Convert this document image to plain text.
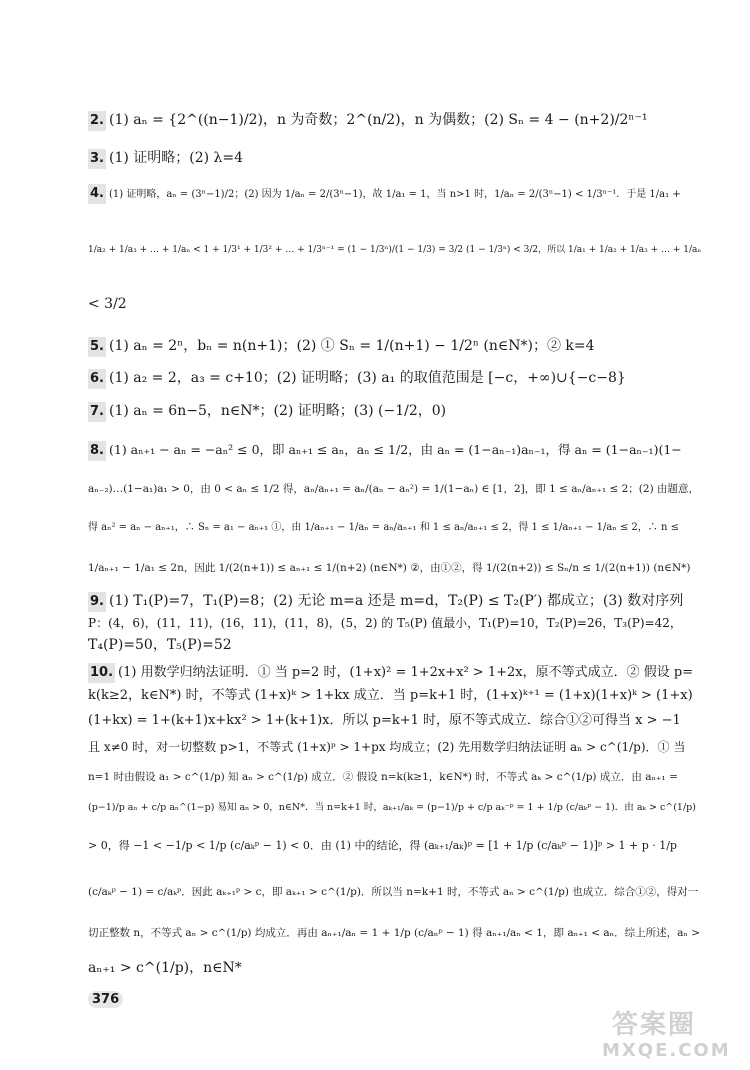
2. (1) aₙ = {2^((n−1)/2)，n 为奇数；2^(n/2)，n 为偶数；(2) Sₙ = 4 − (n+2)/2ⁿ⁻¹
3. (1) 证明略；(2) λ=4
4. (1) 证明略，aₙ = (3ⁿ−1)/2；(2) 因为 1/aₙ = 2/(3ⁿ−1)，故 1/a₁ = 1，当 n>1 时，1/aₙ = 2/(3ⁿ−1) < 1/3ⁿ⁻¹．于是 1/a₁ +
1/a₂ + 1/a₃ + … + 1/aₙ < 1 + 1/3¹ + 1/3² + … + 1/3ⁿ⁻¹ = (1 − 1/3ⁿ)/(1 − 1/3) = 3/2 (1 − 1/3ⁿ) < 3/2，所以 1/a₁ + 1/a₂ + 1/a₃ + … + 1/aₙ
< 3/2
5. (1) aₙ = 2ⁿ，bₙ = n(n+1)；(2) ① Sₙ = 1/(n+1) − 1/2ⁿ (n∈N*)；② k=4
6. (1) a₂ = 2，a₃ = c+10；(2) 证明略；(3) a₁ 的取值范围是 [−c，+∞)∪{−c−8}
7. (1) aₙ = 6n−5，n∈N*；(2) 证明略；(3) (−1/2，0)
8. (1) aₙ₊₁ − aₙ = −aₙ² ≤ 0，即 aₙ₊₁ ≤ aₙ，aₙ ≤ 1/2，由 aₙ = (1−aₙ₋₁)aₙ₋₁，得 aₙ = (1−aₙ₋₁)(1−
aₙ₋₂)…(1−a₁)a₁ > 0，由 0 < aₙ ≤ 1/2 得，aₙ/aₙ₊₁ = aₙ/(aₙ − aₙ²) = 1/(1−aₙ) ∈ [1，2]，即 1 ≤ aₙ/aₙ₊₁ ≤ 2；(2) 由题意，
得 aₙ² = aₙ − aₙ₊₁，∴ Sₙ = a₁ − aₙ₊₁ ①，由 1/aₙ₊₁ − 1/aₙ = aₙ/aₙ₊₁ 和 1 ≤ aₙ/aₙ₊₁ ≤ 2，得 1 ≤ 1/aₙ₊₁ − 1/aₙ ≤ 2，∴ n ≤
1/aₙ₊₁ − 1/a₁ ≤ 2n，因此 1/(2(n+1)) ≤ aₙ₊₁ ≤ 1/(n+2) (n∈N*) ②，由①②，得 1/(2(n+2)) ≤ Sₙ/n ≤ 1/(2(n+1)) (n∈N*)
9. (1) T₁(P)=7，T₁(P)=8；(2) 无论 m=a 还是 m=d，T₂(P) ≤ T₂(P′) 都成立；(3) 数对序列
P：(4，6)，(11，11)，(16，11)，(11，8)，(5，2) 的 T₅(P) 值最小，T₁(P)=10，T₂(P)=26，T₃(P)=42，
T₄(P)=50，T₅(P)=52
10. (1) 用数学归纳法证明．① 当 p=2 时，(1+x)² = 1+2x+x² > 1+2x，原不等式成立．② 假设 p=
k(k≥2，k∈N*) 时，不等式 (1+x)ᵏ > 1+kx 成立．当 p=k+1 时，(1+x)ᵏ⁺¹ = (1+x)(1+x)ᵏ > (1+x)
(1+kx) = 1+(k+1)x+kx² > 1+(k+1)x．所以 p=k+1 时，原不等式成立．综合①②可得当 x > −1
且 x≠0 时，对一切整数 p>1，不等式 (1+x)ᵖ > 1+px 均成立；(2) 先用数学归纳法证明 aₙ > c^(1/p)．① 当
n=1 时由假设 a₁ > c^(1/p) 知 aₙ > c^(1/p) 成立．② 假设 n=k(k≥1，k∈N*) 时，不等式 aₖ > c^(1/p) 成立．由 aₙ₊₁ =
(p−1)/p aₙ + c/p aₙ^(1−p) 易知 aₙ > 0，n∈N*．当 n=k+1 时，aₖ₊₁/aₖ = (p−1)/p + c/p aₖ⁻ᵖ = 1 + 1/p (c/aₖᵖ − 1)．由 aₖ > c^(1/p)
> 0，得 −1 < −1/p < 1/p (c/aₖᵖ − 1) < 0．由 (1) 中的结论，得 (aₖ₊₁/aₖ)ᵖ = [1 + 1/p (c/aₖᵖ − 1)]ᵖ > 1 + p · 1/p
(c/aₖᵖ − 1) = c/aₖᵖ．因此 aₖ₊₁ᵖ > c，即 aₖ₊₁ > c^(1/p)．所以当 n=k+1 时，不等式 aₙ > c^(1/p) 也成立．综合①②，得对一
切正整数 n，不等式 aₙ > c^(1/p) 均成立．再由 aₙ₊₁/aₙ = 1 + 1/p (c/aₙᵖ − 1) 得 aₙ₊₁/aₙ < 1，即 aₙ₊₁ < aₙ．综上所述，aₙ >
aₙ₊₁ > c^(1/p)，n∈N*
376
答案圈
MXQE.COM
